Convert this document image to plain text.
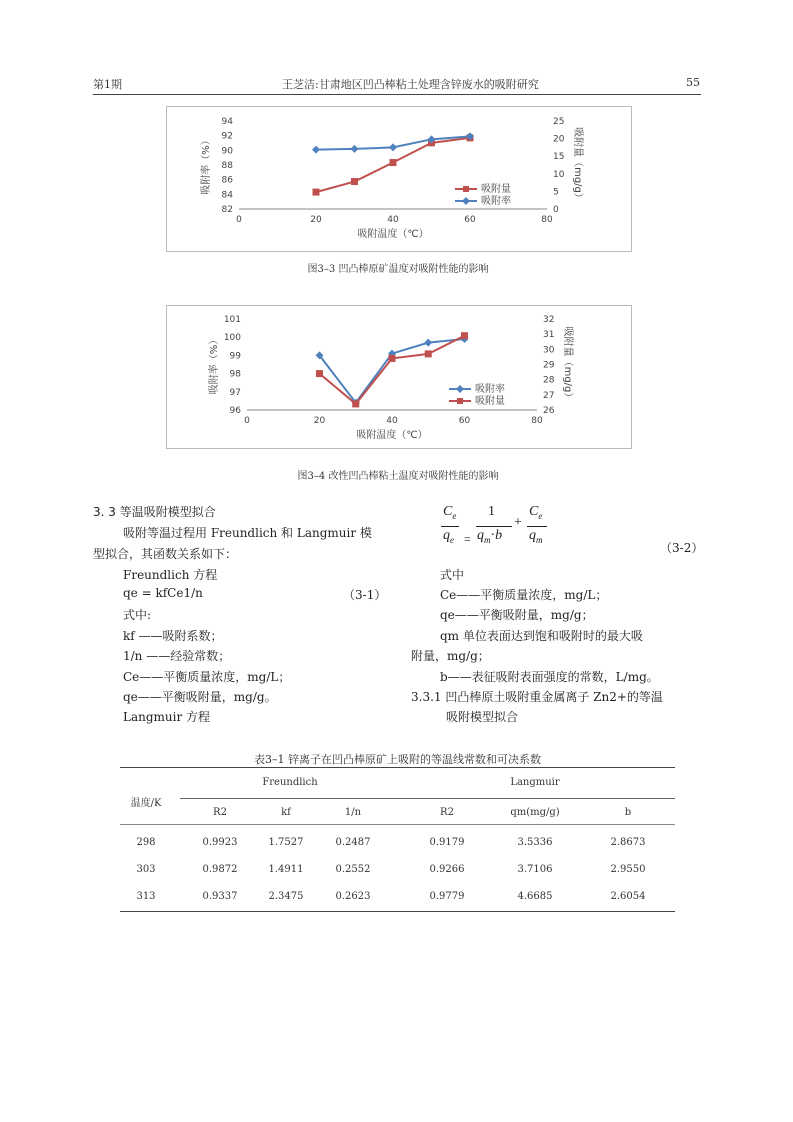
第1期	王芝洁:甘肃地区凹凸棒粘土处理含锌废水的吸附研究	55
82
84
86
88
90
92
94
0
5
10
15
20
25
0	20	40	60	80
吸附温度（℃）
吸附率（%）	吸附量（mg/g）
吸附量
吸附率
图3–3 凹凸棒原矿温度对吸附性能的影响
96
97
98
99
100
101
26
27
28
29
30
31
32
0	20	40	60	80
吸附温度（℃）
吸附率（%）	吸附量（mg/g）
吸附率
吸附量
图3–4 改性凹凸棒粘土温度对吸附性能的影响
3. 3 等温吸附模型拟合
吸附等温过程用 Freundlich 和 Langmuir 模
型拟合，其函数关系如下：
Freundlich 方程
qe = kfCe1/n	（3-1）
式中:
kf ——吸附系数；
1/n ——经验常数；
Ce——平衡质量浓度，mg/L；
qe——平衡吸附量，mg/g。
Langmuir 方程
$C_e$
$q_e$ =
1
$q_m\cdot b$
+
$C_e$
$q_m$
（3-2）
式中
Ce——平衡质量浓度，mg/L；
qe——平衡吸附量，mg/g；
qm 单位表面达到饱和吸附时的最大吸
附量，mg/g；
b——表征吸附表面强度的常数，L/mg。
3.3.1 凹凸棒原土吸附重金属离子 Zn2+的等温
吸附模型拟合
表3–1 锌离子在凹凸棒原矿上吸附的等温线常数和可决系数
温度/K
Freundlich	Langmuir
R2	kf	1/n	R2	qm(mg/g)	b
298	0.9923	1.7527	0.2487	0.9179	3.5336	2.8673
303	0.9872	1.4911	0.2552	0.9266	3.7106	2.9550
313	0.9337	2.3475	0.2623	0.9779	4.6685	2.6054
